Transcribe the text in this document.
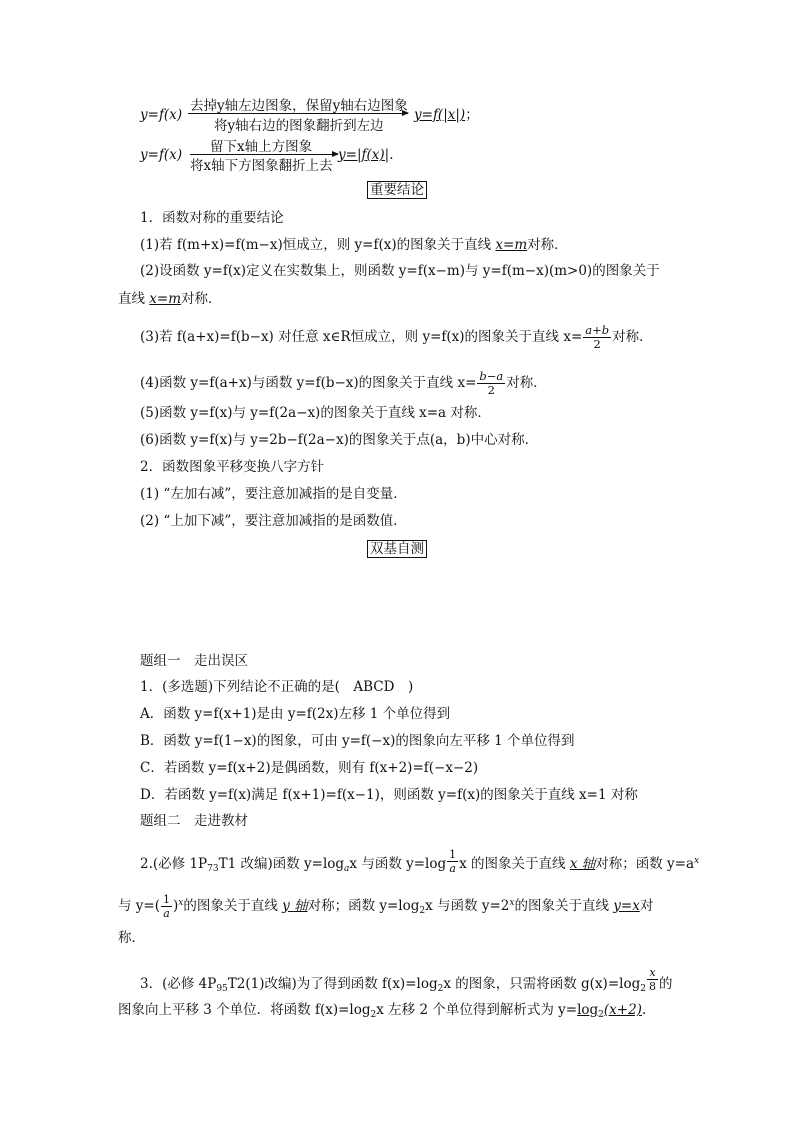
y=f(x)
去掉y轴左边图象，保留y轴右边图象
将y轴右边的图象翻折到左边
y=f(|x|)；
y=f(x) 留下x轴上方图象
将x轴下方图象翻折上去
y=|f(x)|.
重要结论
1．函数对称的重要结论
(1)若 f(m+x)=f(m−x)恒成立，则 y=f(x)的图象关于直线 x=m对称．
(2)设函数 y=f(x)定义在实数集上，则函数 y=f(x−m)与 y=f(m−x)(m>0)的图象关于
直线 x=m对称．
(3)若 f(a+x)=f(b−x) 对任意 x∈R恒成立，则 y=f(x)的图象关于直线 $x= \frac{a+b}{2}$ 对称．
(4)函数 y=f(a+x)与函数 y=f(b−x)的图象关于直线 $x= \frac{b-a}{2}$ 对称．
(5)函数 y=f(x)与 y=f(2a−x)的图象关于直线 x=a 对称．
(6)函数 y=f(x)与 y=2b−f(2a−x)的图象关于点(a，b)中心对称．
2．函数图象平移变换八字方针
(1) “左加右减”，要注意加减指的是自变量．
(2) “上加下减”，要注意加减指的是函数值．
双基自测
题组一　走出误区
1．(多选题)下列结论不正确的是(　ABCD　)
A．函数 y=f(x+1)是由 y=f(2x)左移 1 个单位得到
B．函数 y=f(1−x)的图象，可由 y=f(−x)的图象向左平移 1 个单位得到
C．若函数 y=f(x+2)是偶函数，则有 f(x+2)=f(−x−2)
D．若函数 y=f(x)满足 f(x+1)=f(x−1)，则函数 y=f(x)的图象关于直线 x=1 对称
题组二　走进教材
2.(必修 $1P_{73}T1$ 改编)函数 $y=\log_ax$ 与函数 $y=\log \frac{1}{a}$ x 的图象关于直线 x 轴对称；函数 $y=a^x$
与 $y=( \frac{1}{a} )^x$的图象关于直线 y 轴对称；函数 $y=\log_2x$ 与函数 $y=2^x$的图象关于直线 y=x对
称．
3．(必修 $4P_{95}T2(1)$改编)为了得到函数 $f(x)=\log_2x$ 的图象，只需将函数 $g(x)=\log_2 \frac{x}{8}$ 的
图象向上平移 3 个单位．将函数 $f(x)=\log_2x$ 左移 2 个单位得到解析式为 $y=\log_2(x+2)$.
